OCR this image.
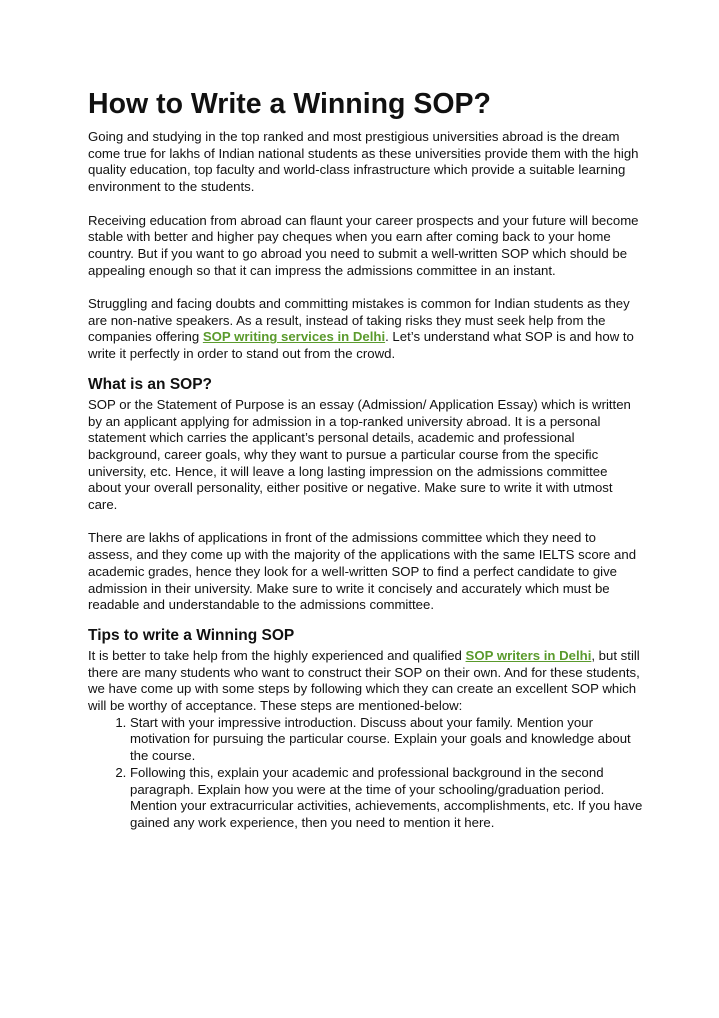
How to Write a Winning SOP?

Going and studying in the top ranked and most prestigious universities abroad is the dream come true for lakhs of Indian national students as these universities provide them with the high quality education, top faculty and world-class infrastructure which provide a suitable learning environment to the students.

Receiving education from abroad can flaunt your career prospects and your future will become stable with better and higher pay cheques when you earn after coming back to your home country. But if you want to go abroad you need to submit a well-written SOP which should be appealing enough so that it can impress the admissions committee in an instant.

Struggling and facing doubts and committing mistakes is common for Indian students as they are non-native speakers. As a result, instead of taking risks they must seek help from the companies offering SOP writing services in Delhi. Let’s understand what SOP is and how to write it perfectly in order to stand out from the crowd.

What is an SOP?

SOP or the Statement of Purpose is an essay (Admission/ Application Essay) which is written by an applicant applying for admission in a top-ranked university abroad. It is a personal statement which carries the applicant’s personal details, academic and professional background, career goals, why they want to pursue a particular course from the specific university, etc. Hence, it will leave a long lasting impression on the admissions committee about your overall personality, either positive or negative. Make sure to write it with utmost care.

There are lakhs of applications in front of the admissions committee which they need to assess, and they come up with the majority of the applications with the same IELTS score and academic grades, hence they look for a well-written SOP to find a perfect candidate to give admission in their university. Make sure to write it concisely and accurately which must be readable and understandable to the admissions committee.

Tips to write a Winning SOP

It is better to take help from the highly experienced and qualified SOP writers in Delhi, but still there are many students who want to construct their SOP on their own. And for these students, we have come up with some steps by following which they can create an excellent SOP which will be worthy of acceptance. These steps are mentioned-below:

1. Start with your impressive introduction. Discuss about your family. Mention your motivation for pursuing the particular course. Explain your goals and knowledge about the course.
2. Following this, explain your academic and professional background in the second paragraph. Explain how you were at the time of your schooling/graduation period. Mention your extracurricular activities, achievements, accomplishments, etc. If you have gained any work experience, then you need to mention it here.
